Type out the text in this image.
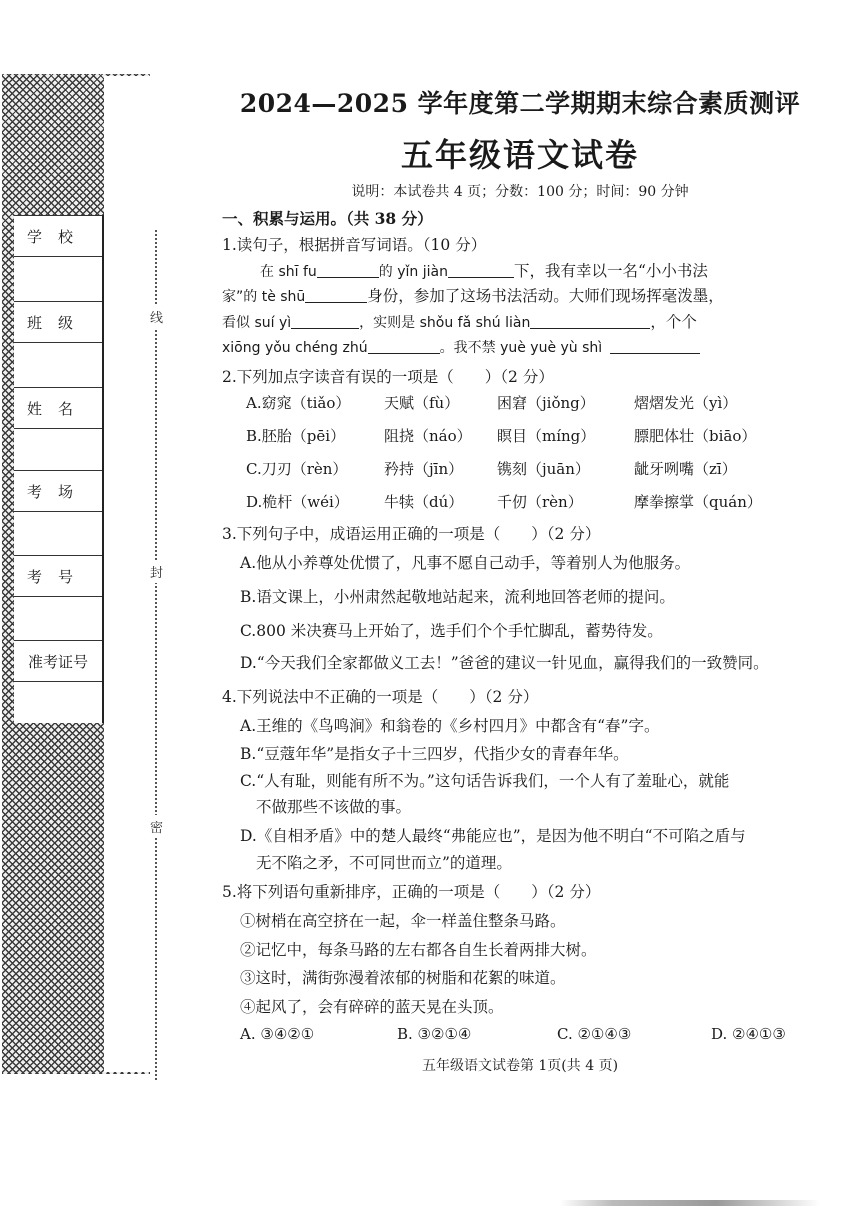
学校
班级
姓名
考场
考号
准考证号
线
封
密
2024—2025 学年度第二学期期末综合素质测评
五年级语文试卷
说明：本试卷共 4 页；分数：100 分；时间：90 分钟
一、积累与运用。（共 38 分）
1.读句子，根据拼音写词语。（10 分）
在 shī fu	的 yǐn jiàn	下，我有幸以一名“小小书法
家”的 tè shū	身份，参加了这场书法活动。大师们现场挥毫泼墨，
看似 suí yì	，实则是 shǒu fǎ shú liàn	，个个
xiōng yǒu chéng zhú	。我不禁 yuè yuè yù shì
2.下列加点字读音有误的一项是（　　）（2 分）
A.窈窕（tiǎo） 天赋（fù）	困窘（jiǒng）	熠熠发光（yì）
B.胚胎（pēi）	阻挠（náo） 瞑目（míng）	膘肥体壮（biāo）
C.刀刃（rèn） 矜持（jīn） 镌刻（juān）	龇牙咧嘴（zī）
D.桅杆（wéi） 牛犊（dú） 千仞（rèn）	摩拳擦掌（quán）
3.下列句子中，成语运用正确的一项是（　　）（2 分）
A.他从小养尊处优惯了，凡事不愿自己动手，等着别人为他服务。
B.语文课上，小州肃然起敬地站起来，流利地回答老师的提问。
C.800 米决赛马上开始了，选手们个个手忙脚乱，蓄势待发。
D.“今天我们全家都做义工去！”爸爸的建议一针见血，赢得我们的一致赞同。
4.下列说法中不正确的一项是（　　）（2 分）
A.王维的《鸟鸣涧》和翁卷的《乡村四月》中都含有“春”字。
B.“豆蔻年华”是指女子十三四岁，代指少女的青春年华。
C.“人有耻，则能有所不为。”这句话告诉我们，一个人有了羞耻心，就能
不做那些不该做的事。
D.《自相矛盾》中的楚人最终“弗能应也”，是因为他不明白“不可陷之盾与
无不陷之矛，不可同世而立”的道理。
5.将下列语句重新排序，正确的一项是（　　）（2 分）
①树梢在高空挤在一起，伞一样盖住整条马路。
②记忆中，每条马路的左右都各自生长着两排大树。
③这时，满街弥漫着浓郁的树脂和花絮的味道。
④起风了，会有碎碎的蓝天晃在头顶。
A. ③④②①	B. ③②①④	C. ②①④③	D. ②④①③
五年级语文试卷第 1页(共 4 页)
